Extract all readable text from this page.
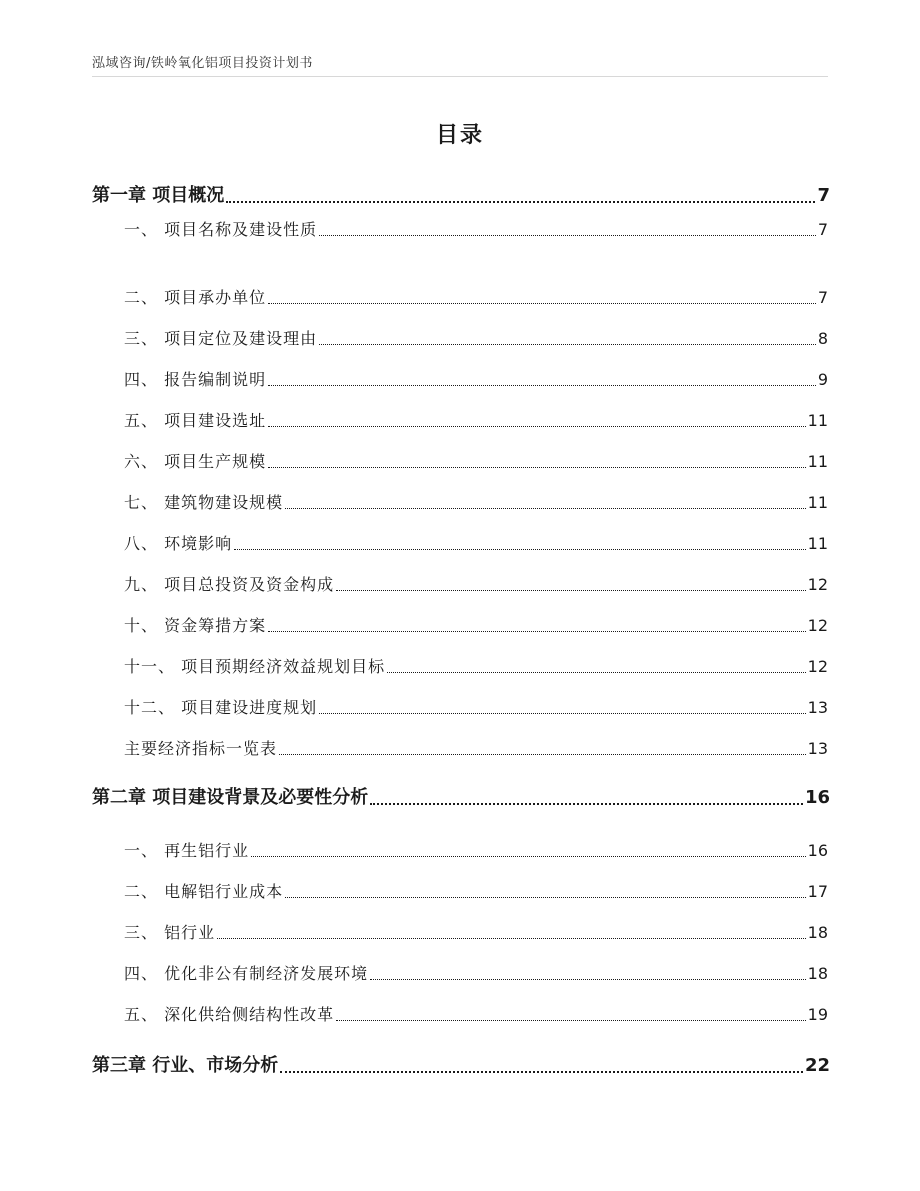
泓域咨询/铁岭氧化铝项目投资计划书
目录
第一章 项目概况	7
一、 项目名称及建设性质	7
二、 项目承办单位	7
三、 项目定位及建设理由	8
四、 报告编制说明	9
五、 项目建设选址	11
六、 项目生产规模	11
七、 建筑物建设规模	11
八、 环境影响	11
九、 项目总投资及资金构成	12
十、 资金筹措方案	12
十一、 项目预期经济效益规划目标	12
十二、 项目建设进度规划	13
主要经济指标一览表	13
第二章 项目建设背景及必要性分析	16
一、 再生铝行业	16
二、 电解铝行业成本	17
三、 铝行业	18
四、 优化非公有制经济发展环境	18
五、 深化供给侧结构性改革	19
第三章 行业、市场分析	22
